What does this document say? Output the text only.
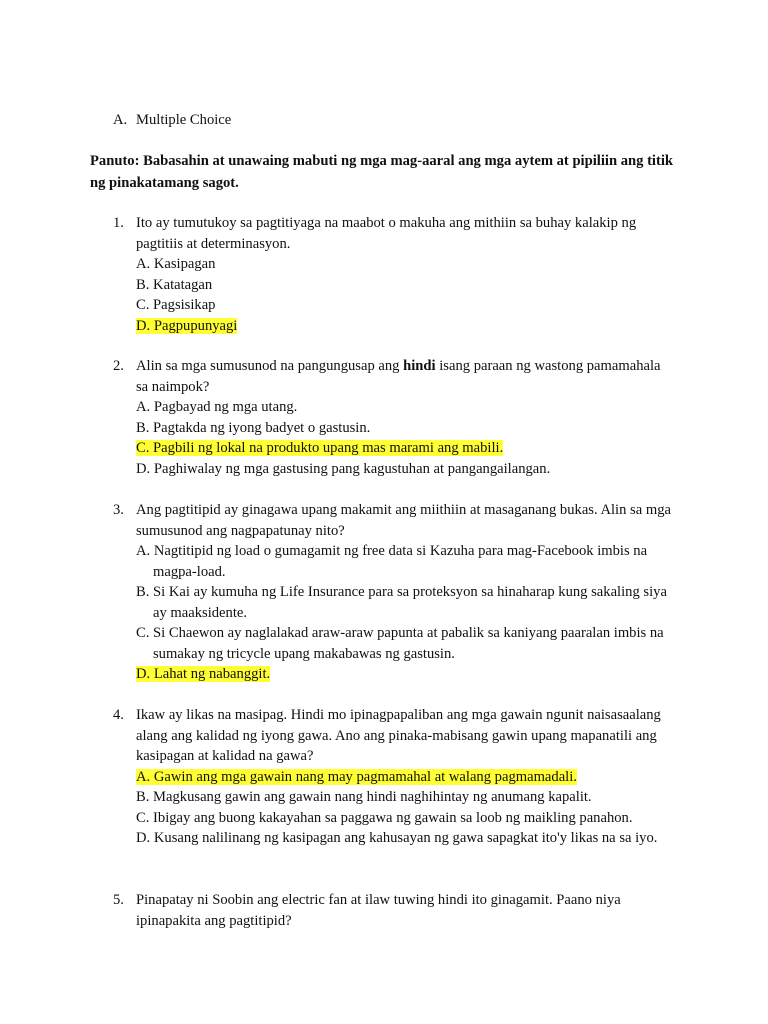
A. Multiple Choice
Panuto: Babasahin at unawaing mabuti ng mga mag-aaral ang mga aytem at pipiliin ang titik ng pinakatamang sagot.
1. Ito ay tumutukoy sa pagtitiyaga na maabot o makuha ang mithiin sa buhay kalakip ng pagtitiis at determinasyon.
A. Kasipagan
B. Katatagan
C. Pagsisikap
D. Pagpupunyagi
2. Alin sa mga sumusunod na pangungusap ang hindi isang paraan ng wastong pamamahala sa naimpok?
A. Pagbayad ng mga utang.
B. Pagtakda ng iyong badyet o gastusin.
C. Pagbili ng lokal na produkto upang mas marami ang mabili.
D. Paghiwalay ng mga gastusing pang kagustuhan at pangangailangan.
3. Ang pagtitipid ay ginagawa upang makamit ang miithiin at masaganang bukas. Alin sa mga sumusunod ang nagpapatunay nito?
A. Nagtitipid ng load o gumagamit ng free data si Kazuha para mag-Facebook imbis na magpa-load.
B. Si Kai ay kumuha ng Life Insurance para sa proteksyon sa hinaharap kung sakaling siya ay maaksidente.
C. Si Chaewon ay naglalakad araw-araw papunta at pabalik sa kaniyang paaralan imbis na sumakay ng tricycle upang makabawas ng gastusin.
D. Lahat ng nabanggit.
4. Ikaw ay likas na masipag. Hindi mo ipinagpapaliban ang mga gawain ngunit naisasaalang alang ang kalidad ng iyong gawa. Ano ang pinaka-mabisang gawin upang mapanatili ang kasipagan at kalidad na gawa?
A. Gawin ang mga gawain nang may pagmamahal at walang pagmamadali.
B. Magkusang gawin ang gawain nang hindi naghihintay ng anumang kapalit.
C. Ibigay ang buong kakayahan sa paggawa ng gawain sa loob ng maikling panahon.
D. Kusang nalilinang ng kasipagan ang kahusayan ng gawa sapagkat ito'y likas na sa iyo.
5. Pinapatay ni Soobin ang electric fan at ilaw tuwing hindi ito ginagamit. Paano niya ipinapakita ang pagtitipid?
